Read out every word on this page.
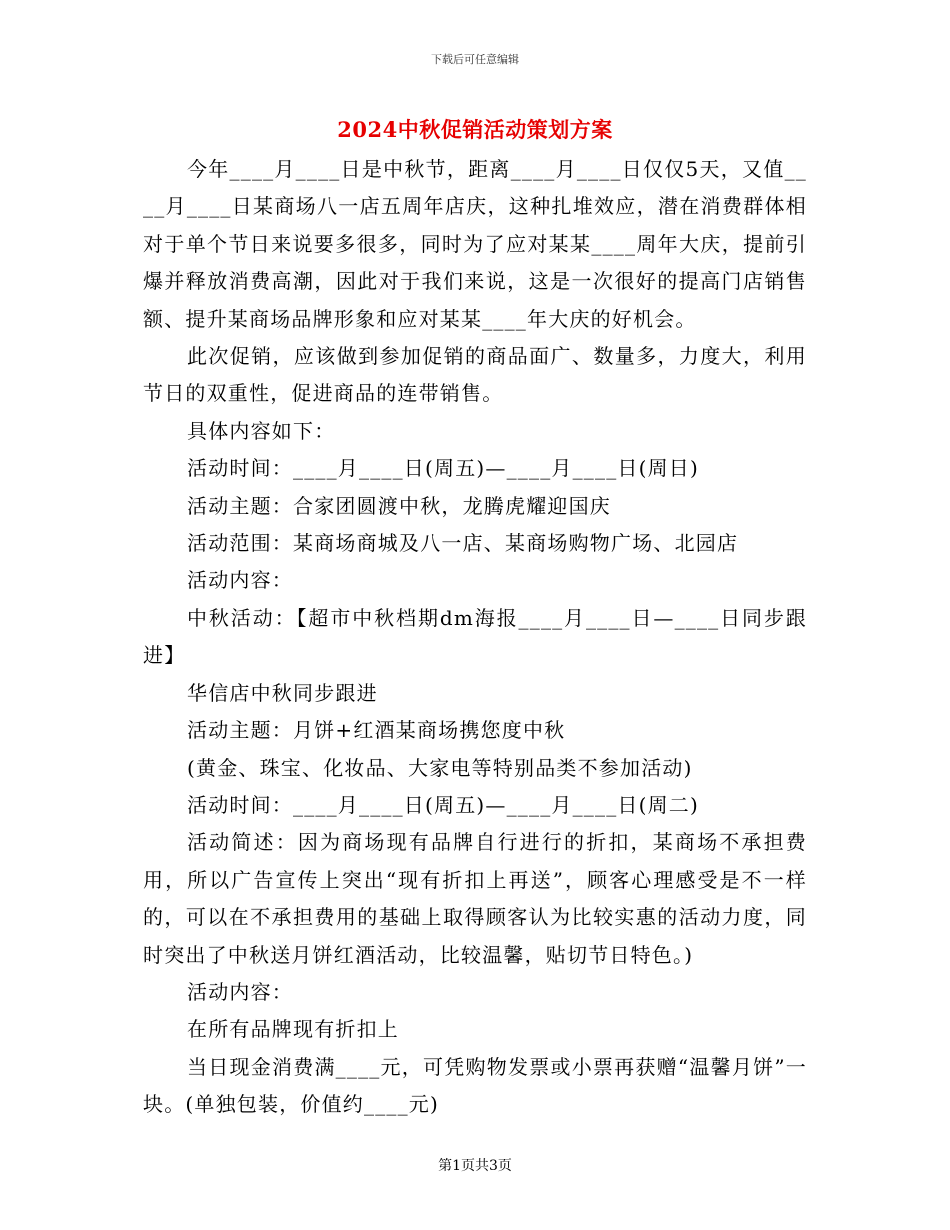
下载后可任意编辑
2024中秋促销活动策划方案

今年____月____日是中秋节，距离____月____日仅仅5天，又值____月____日某商场八一店五周年店庆，这种扎堆效应，潜在消费群体相对于单个节日来说要多很多，同时为了应对某某____周年大庆，提前引爆并释放消费高潮，因此对于我们来说，这是一次很好的提高门店销售额、提升某商场品牌形象和应对某某____年大庆的好机会。

此次促销，应该做到参加促销的商品面广、数量多，力度大，利用节日的双重性，促进商品的连带销售。

具体内容如下：

活动时间：____月____日(周五)—____月____日(周日)

活动主题：合家团圆渡中秋，龙腾虎耀迎国庆

活动范围：某商场商城及八一店、某商场购物广场、北园店

活动内容：

中秋活动：【超市中秋档期dm海报____月____日—____日同步跟进】

华信店中秋同步跟进

活动主题：月饼+红酒某商场携您度中秋

(黄金、珠宝、化妆品、大家电等特别品类不参加活动)

活动时间：____月____日(周五)—____月____日(周二)

活动简述：因为商场现有品牌自行进行的折扣，某商场不承担费用，所以广告宣传上突出“现有折扣上再送”，顾客心理感受是不一样的，可以在不承担费用的基础上取得顾客认为比较实惠的活动力度，同时突出了中秋送月饼红酒活动，比较温馨，贴切节日特色。)

活动内容：

在所有品牌现有折扣上

当日现金消费满____元，可凭购物发票或小票再获赠“温馨月饼”一块。(单独包装，价值约____元)

第1页共3页
